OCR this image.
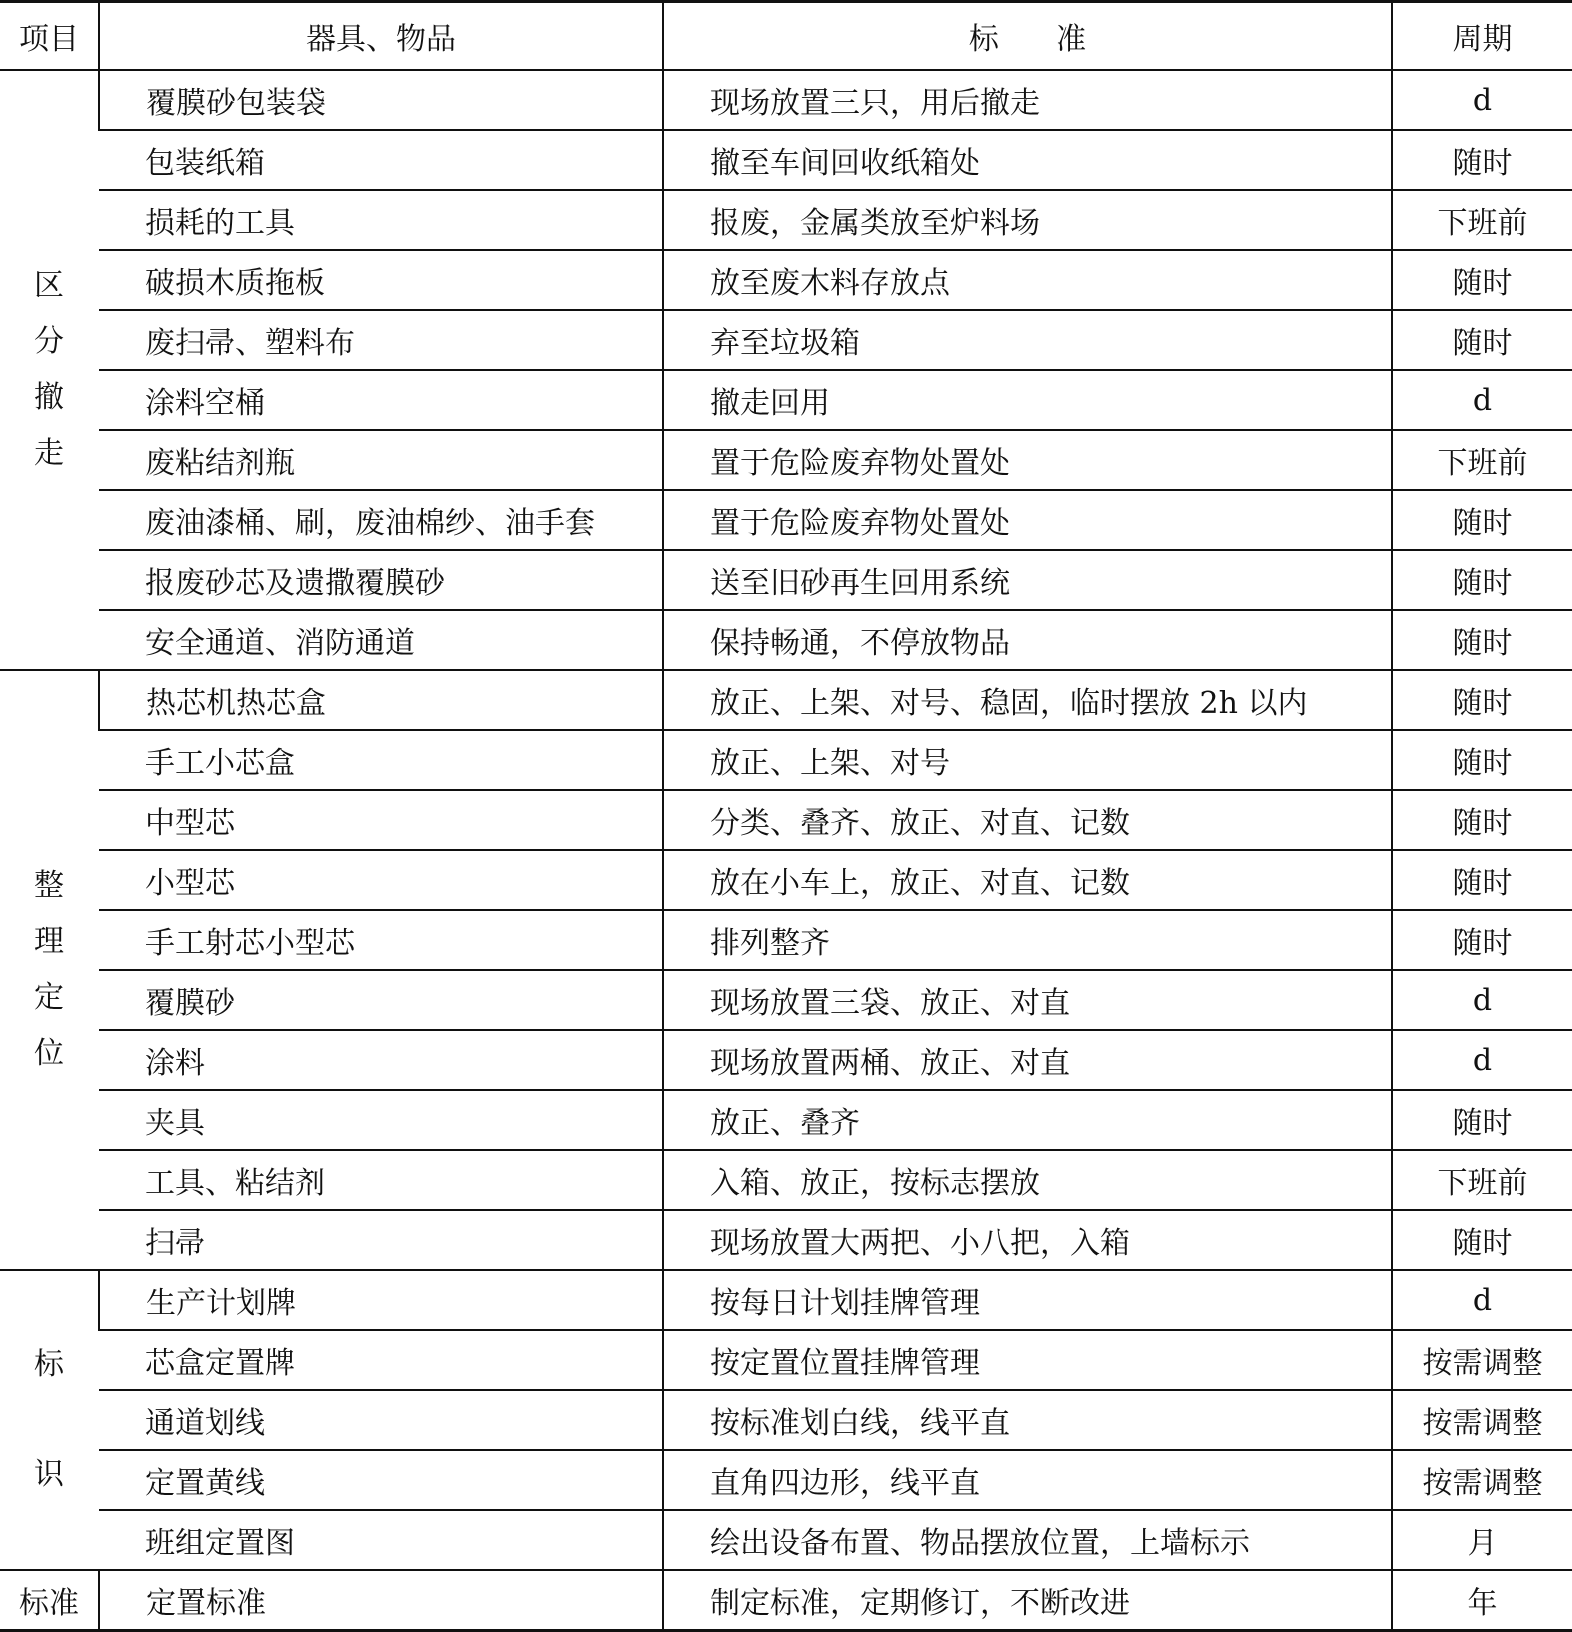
项目	器具、物品	标      准	周期

区
分
撤
走	覆膜砂包装袋	现场放置三只，用后撤走	d
	包装纸箱	撤至车间回收纸箱处	随时
	损耗的工具	报废，金属类放至炉料场	下班前
	破损木质拖板	放至废木料存放点	随时
	废扫帚、塑料布	弃至垃圾箱	随时
	涂料空桶	撤走回用	d
	废粘结剂瓶	置于危险废弃物处置处	下班前
	废油漆桶、刷，废油棉纱、油手套	置于危险废弃物处置处	随时
	报废砂芯及遗撒覆膜砂	送至旧砂再生回用系统	随时
	安全通道、消防通道	保持畅通，不停放物品	随时

整
理
定
位	热芯机热芯盒	放正、上架、对号、稳固，临时摆放 2h 以内	随时
	手工小芯盒	放正、上架、对号	随时
	中型芯	分类、叠齐、放正、对直、记数	随时
	小型芯	放在小车上，放正、对直、记数	随时
	手工射芯小型芯	排列整齐	随时
	覆膜砂	现场放置三袋、放正、对直	d
	涂料	现场放置两桶、放正、对直	d
	夹具	放正、叠齐	随时
	工具、粘结剂	入箱、放正，按标志摆放	下班前
	扫帚	现场放置大两把、小八把，入箱	随时

标
识	生产计划牌	按每日计划挂牌管理	d
	芯盒定置牌	按定置位置挂牌管理	按需调整
	通道划线	按标准划白线，线平直	按需调整
	定置黄线	直角四边形，线平直	按需调整
	班组定置图	绘出设备布置、物品摆放位置，上墙标示	月
标准	定置标准	制定标准，定期修订，不断改进	年
